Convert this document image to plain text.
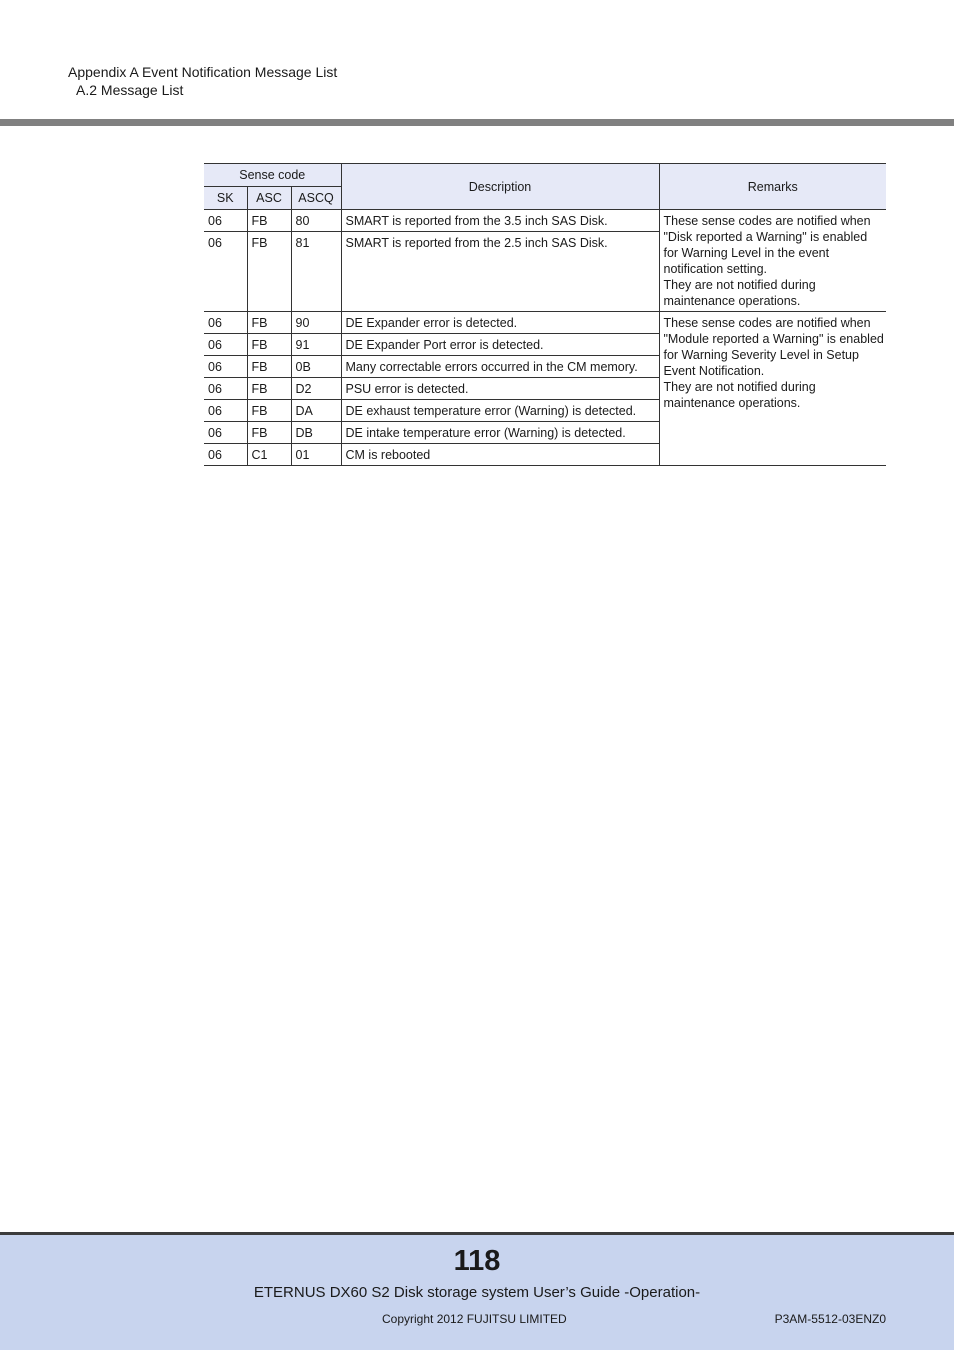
Appendix A Event Notification Message List
A.2 Message List
Sense code			Description	Remarks
SK	ASC	ASCQ		
06	FB	80	SMART is reported from the 3.5 inch SAS Disk.	These sense codes are notified when "Disk reported a Warning" is enabled for Warning Level in the event notification setting.
They are not notified during maintenance operations.

06	FB	81	SMART is reported from the 2.5 inch SAS Disk.	
06	FB	90	DE Expander error is detected.	These sense codes are notified when "Module reported a Warning" is enabled for Warning Severity Level in Setup Event Notification.
They are not notified during maintenance operations.

06	FB	91	DE Expander Port error is detected.	
06	FB	0B	Many correctable errors occurred in the CM memory.	
06	FB	D2	PSU error is detected.	
06	FB	DA	DE exhaust temperature error (Warning) is detected.	
06	FB	DB	DE intake temperature error (Warning) is detected.	
06	C1	01	CM is rebooted	
118
ETERNUS DX60 S2 Disk storage system User’s Guide -Operation-
Copyright 2012 FUJITSU LIMITED	P3AM-5512-03ENZ0
